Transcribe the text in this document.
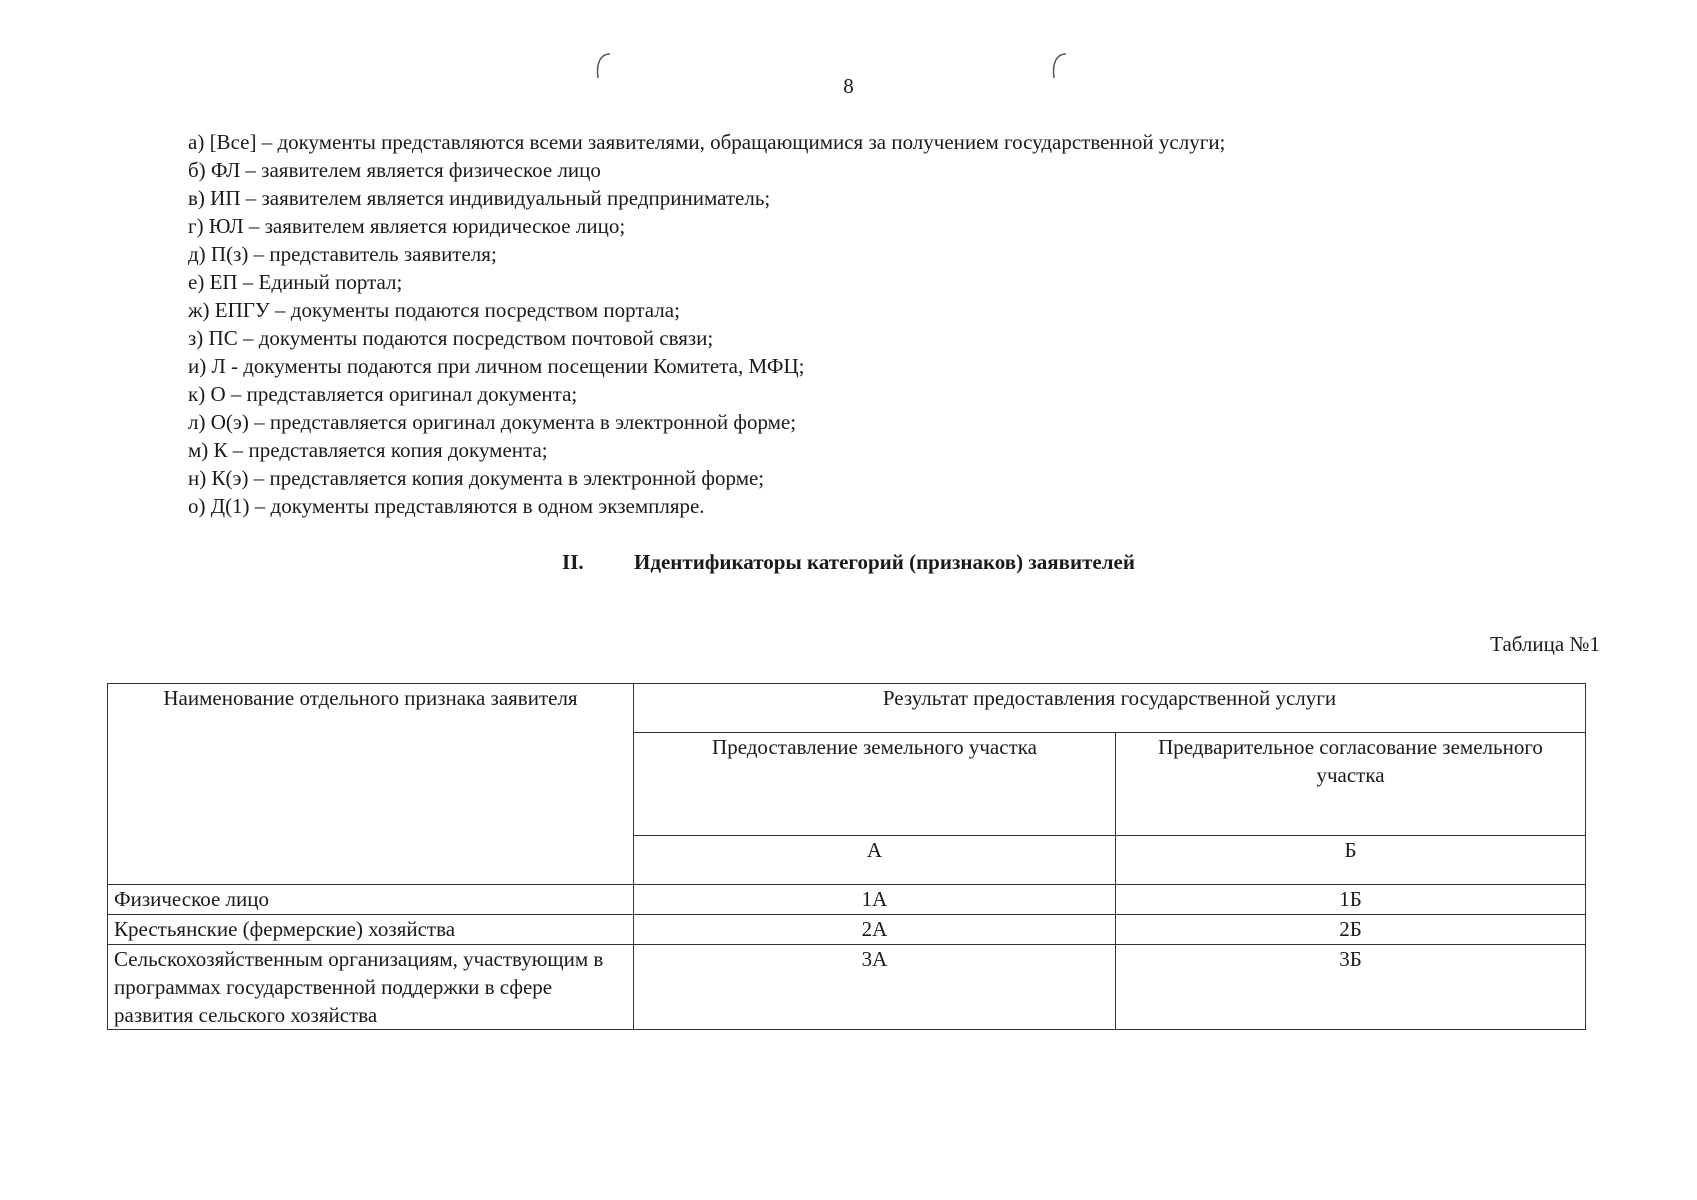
8
а) [Все] – документы представляются всеми заявителями, обращающимися за получением государственной услуги;
б) ФЛ – заявителем является физическое лицо
в) ИП – заявителем является индивидуальный предприниматель;
г) ЮЛ – заявителем является юридическое лицо;
д) П(з) – представитель заявителя;
е) ЕП – Единый портал;
ж) ЕПГУ – документы подаются посредством портала;
з) ПС – документы подаются посредством почтовой связи;
и) Л - документы подаются при личном посещении Комитета, МФЦ;
к) О – представляется оригинал документа;
л) О(э) – представляется оригинал документа в электронной форме;
м) К – представляется копия документа;
н) К(э) – представляется копия документа в электронной форме;
о) Д(1) – документы представляются в одном экземпляре.
II. Идентификаторы категорий (признаков) заявителей
Таблица №1
Наименование отдельного признака заявителя	Результат предоставления государственной услуги	
	Предоставление земельного участка	Предварительное согласование земельного участка
	А	Б
Физическое лицо	1А	1Б
Крестьянские (фермерские) хозяйства	2А	2Б
Сельскохозяйственным организациям, участвующим в программах государственной поддержки в сфере развития сельского хозяйства	3А	3Б
